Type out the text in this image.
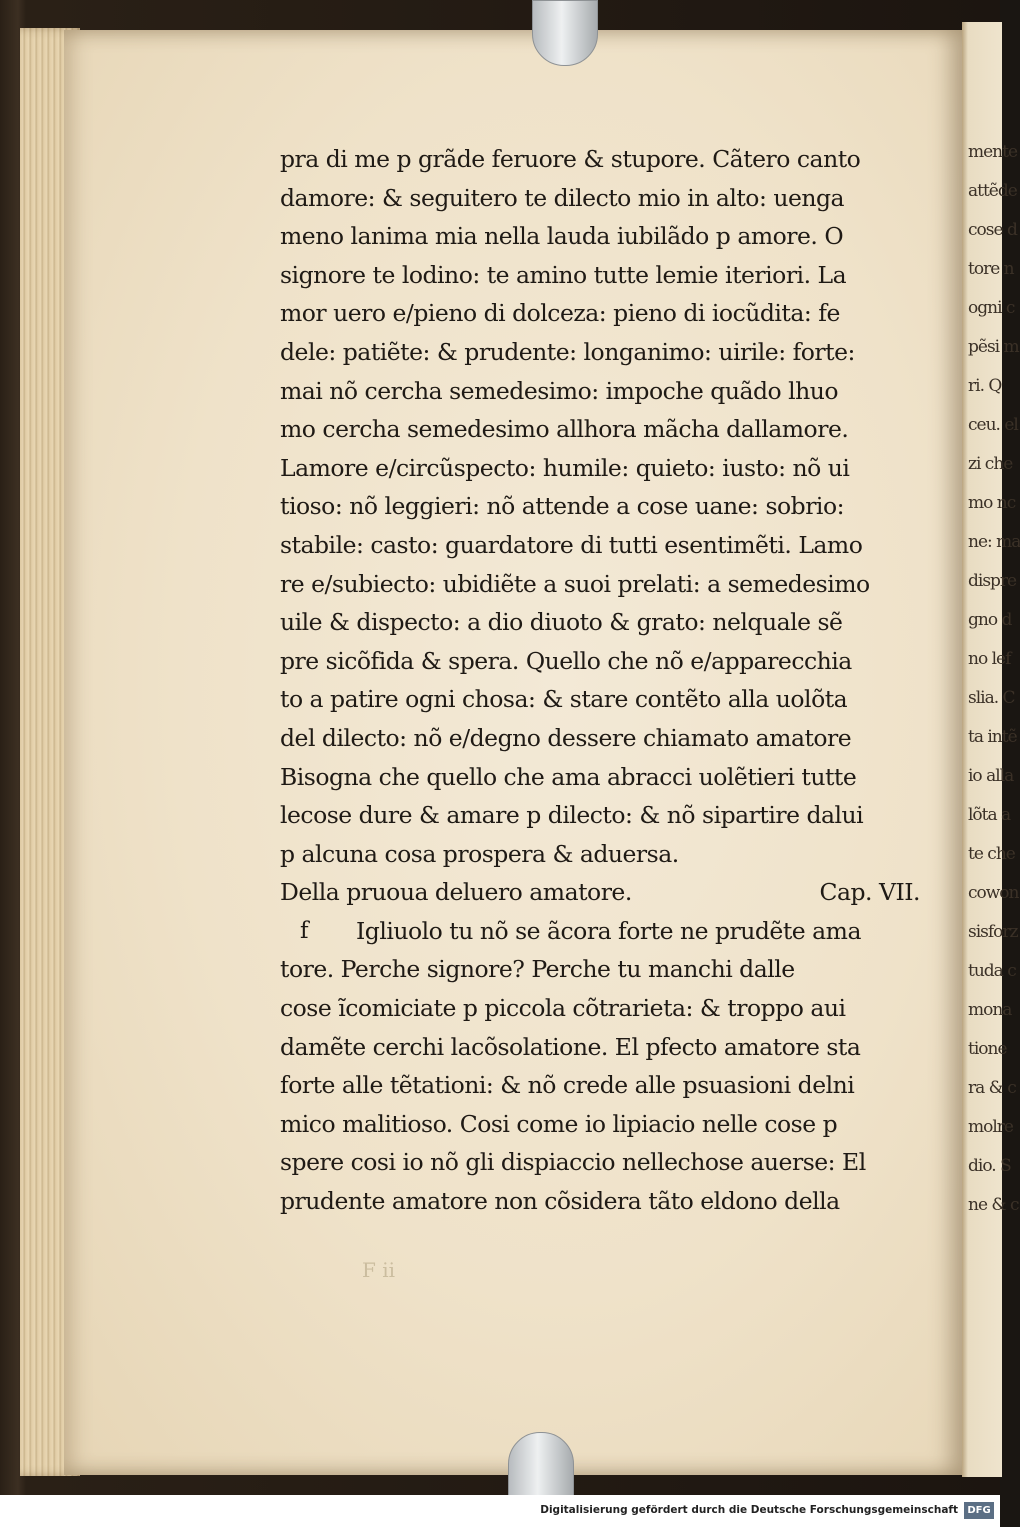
mente
attẽde
cose d
tore n
ogni c
pẽsi m
ri. Q
ceu. el
zi che
mo nc
ne: ma
dispre
gno d
no lef
slia. C
ta intẽ
io alla
lõta a
te che
cowon
sisforz
tuda c
mona
tione
ra & c
molre
dio. S
ne & c
pra di me p grãde feruore & stupore. Cãtero canto
damore: & seguitero te dilecto mio in alto: uenga
meno lanima mia nella lauda iubilãdo p amore. O
signore te lodino: te amino tutte lemie iteriori. La
mor uero e/pieno di dolceza: pieno di iocũdita: fe
dele: patiẽte: & prudente: longanimo: uirile: forte:
mai nõ cercha semedesimo: impoche quãdo lhuo
mo cercha semedesimo allhora mãcha dallamore.
Lamore e/circũspecto: humile: quieto: iusto: nõ ui
tioso: nõ leggieri: nõ attende a cose uane: sobrio:
stabile: casto: guardatore di tutti esentimẽti. Lamo
re e/subiecto: ubidiẽte a suoi prelati: a semedesimo
uile & dispecto: a dio diuoto & grato: nelquale sẽ
pre sicõfida & spera. Quello che nõ e/apparecchia
to a patire ogni chosa: & stare contẽto alla uolõta
del dilecto: nõ e/degno dessere chiamato amatore
Bisogna che quello che ama abracci uolẽtieri tutte
lecose dure & amare p dilecto: & nõ sipartire dalui
p alcuna cosa prospera & aduersa.
Della pruoua deluero amatore.	Cap. VII.
f	Igliuolo tu nõ se ãcora forte ne prudẽte ama
tore. Perche signore? Perche tu manchi dalle
cose ĩcomiciate p piccola cõtrarieta: & troppo aui
damẽte cerchi lacõsolatione. El pfecto amatore sta
forte alle tẽtationi: & nõ crede alle psuasioni delni
mico malitioso. Cosi come io lipiacio nelle cose p
spere cosi io nõ gli dispiaccio nellechose auerse: El
prudente amatore non cõsidera tãto eldono della
F ii
Digitalisierung gefördert durch die Deutsche Forschungsgemeinschaft DFG
